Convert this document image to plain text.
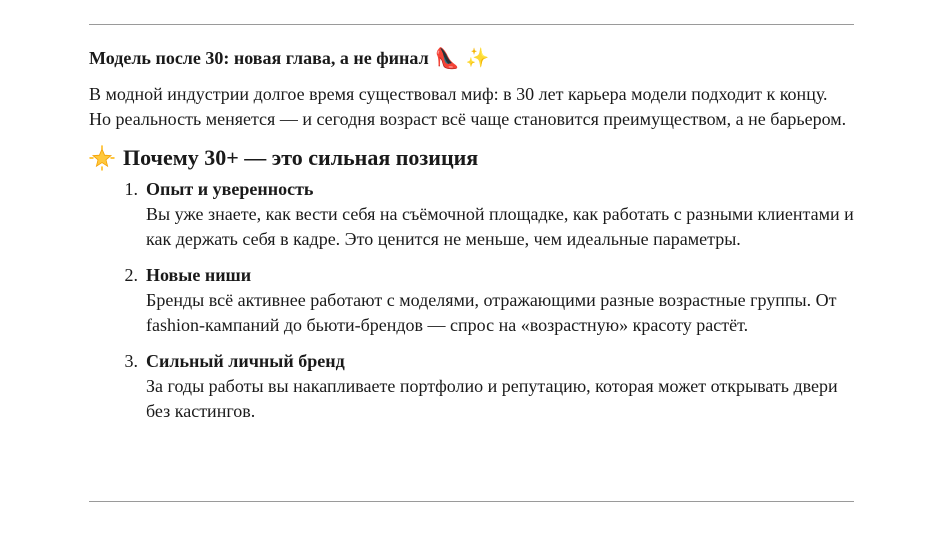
Модель после 30: новая глава, а не финал 👠 ✨

В модной индустрии долгое время существовал миф: в 30 лет карьера модели подходит к концу. Но реальность меняется — и сегодня возраст всё чаще становится преимуществом, а не барьером.

Почему 30+ — это сильная позиция
1. Опыт и уверенность
Вы уже знаете, как вести себя на съёмочной площадке, как работать с разными клиентами и как держать себя в кадре. Это ценится не меньше, чем идеальные параметры.
2. Новые ниши
Бренды всё активнее работают с моделями, отражающими разные возрастные группы. От fashion-кампаний до бьюти-брендов — спрос на «возрастную» красоту растёт.
3. Сильный личный бренд
За годы работы вы накапливаете портфолио и репутацию, которая может открывать двери без кастингов.
